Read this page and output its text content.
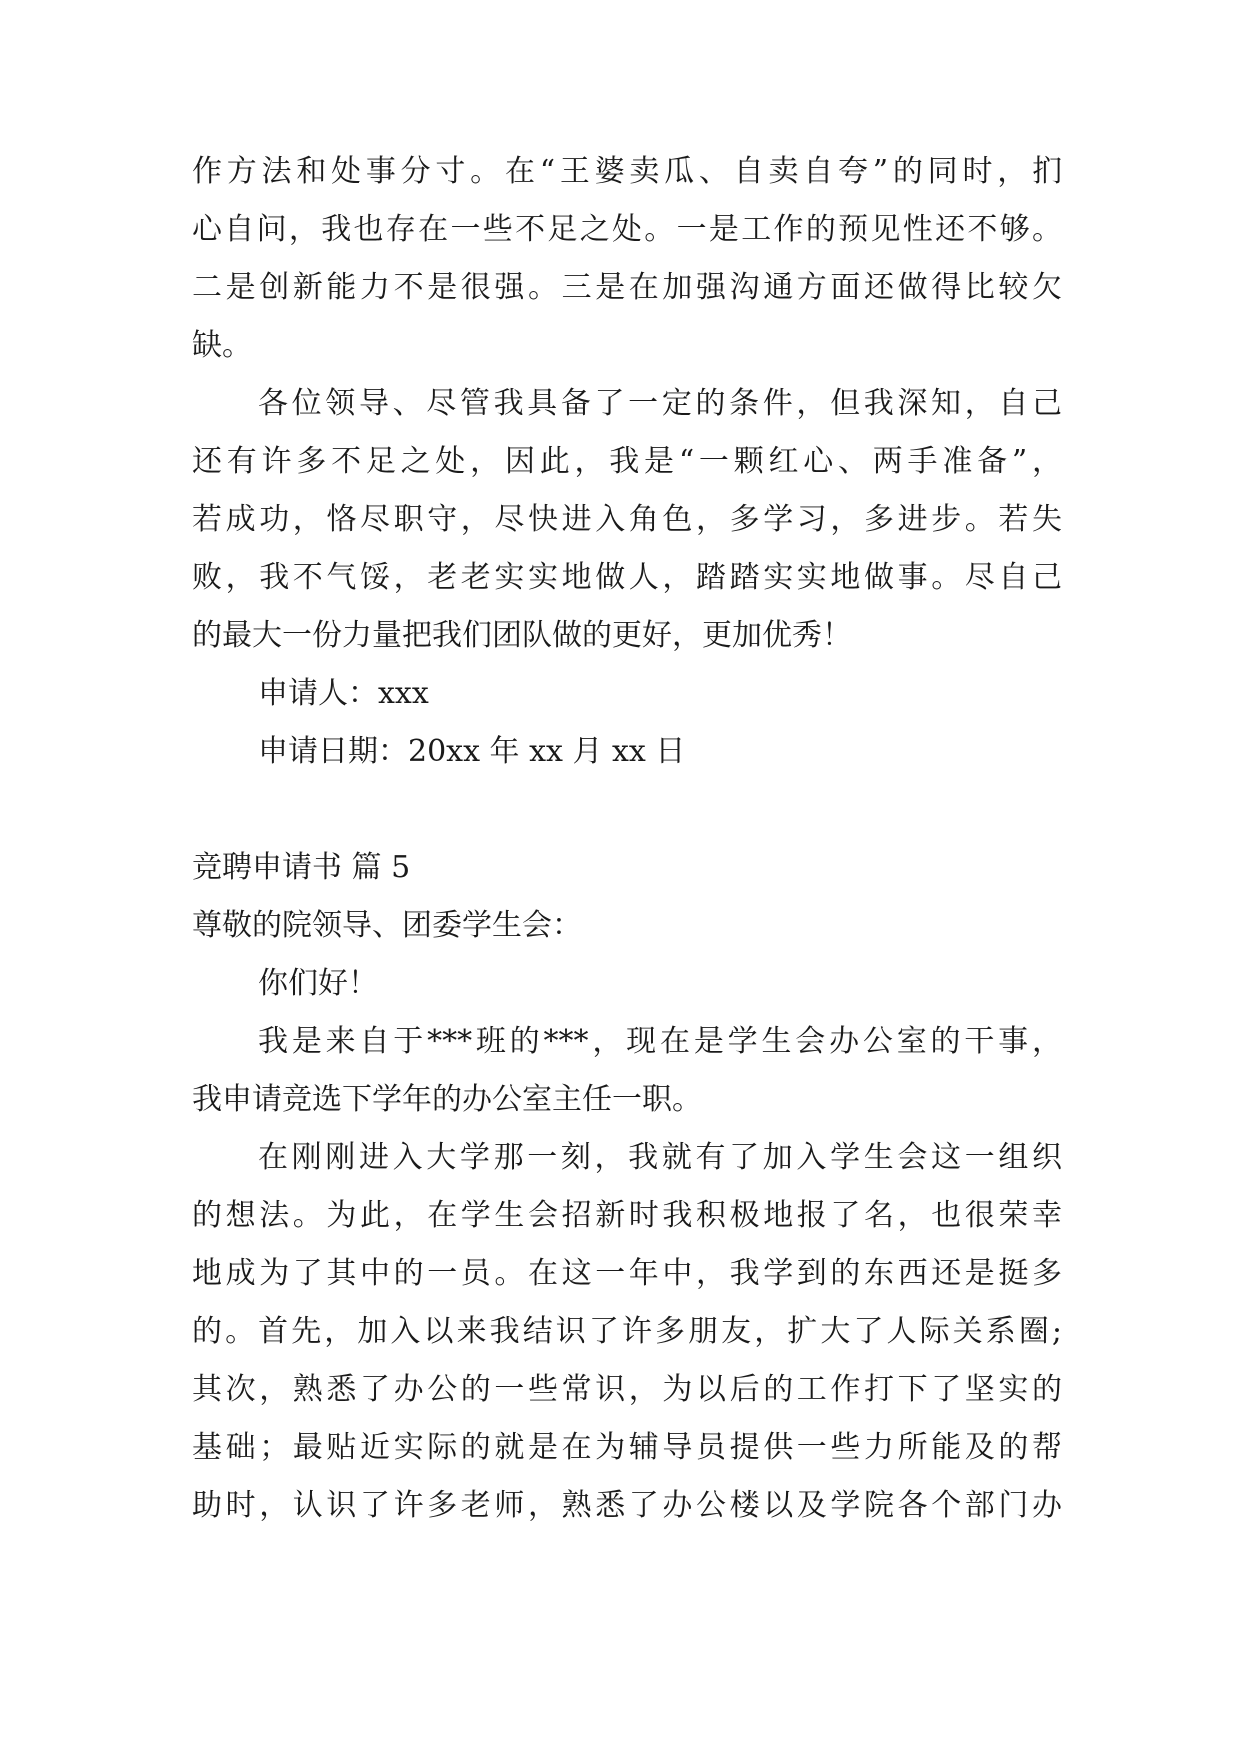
作方法和处事分寸。在“王婆卖瓜、自卖自夸”的同时，扪
心自问，我也存在一些不足之处。一是工作的预见性还不够。
二是创新能力不是很强。三是在加强沟通方面还做得比较欠
缺。
各位领导、尽管我具备了一定的条件，但我深知，自己
还有许多不足之处，因此，我是“一颗红心、两手准备”，
若成功，恪尽职守，尽快进入角色，多学习，多进步。若失
败，我不气馁，老老实实地做人，踏踏实实地做事。尽自己
的最大一份力量把我们团队做的更好，更加优秀！
申请人：xxx
申请日期：20xx 年 xx 月 xx 日
竞聘申请书 篇 5
尊敬的院领导、团委学生会：
你们好！
我是来自于***班的***，现在是学生会办公室的干事，
我申请竞选下学年的办公室主任一职。
在刚刚进入大学那一刻，我就有了加入学生会这一组织
的想法。为此，在学生会招新时我积极地报了名，也很荣幸
地成为了其中的一员。在这一年中，我学到的东西还是挺多
的。首先，加入以来我结识了许多朋友，扩大了人际关系圈;
其次，熟悉了办公的一些常识，为以后的工作打下了坚实的
基础；最贴近实际的就是在为辅导员提供一些力所能及的帮
助时，认识了许多老师，熟悉了办公楼以及学院各个部门办
